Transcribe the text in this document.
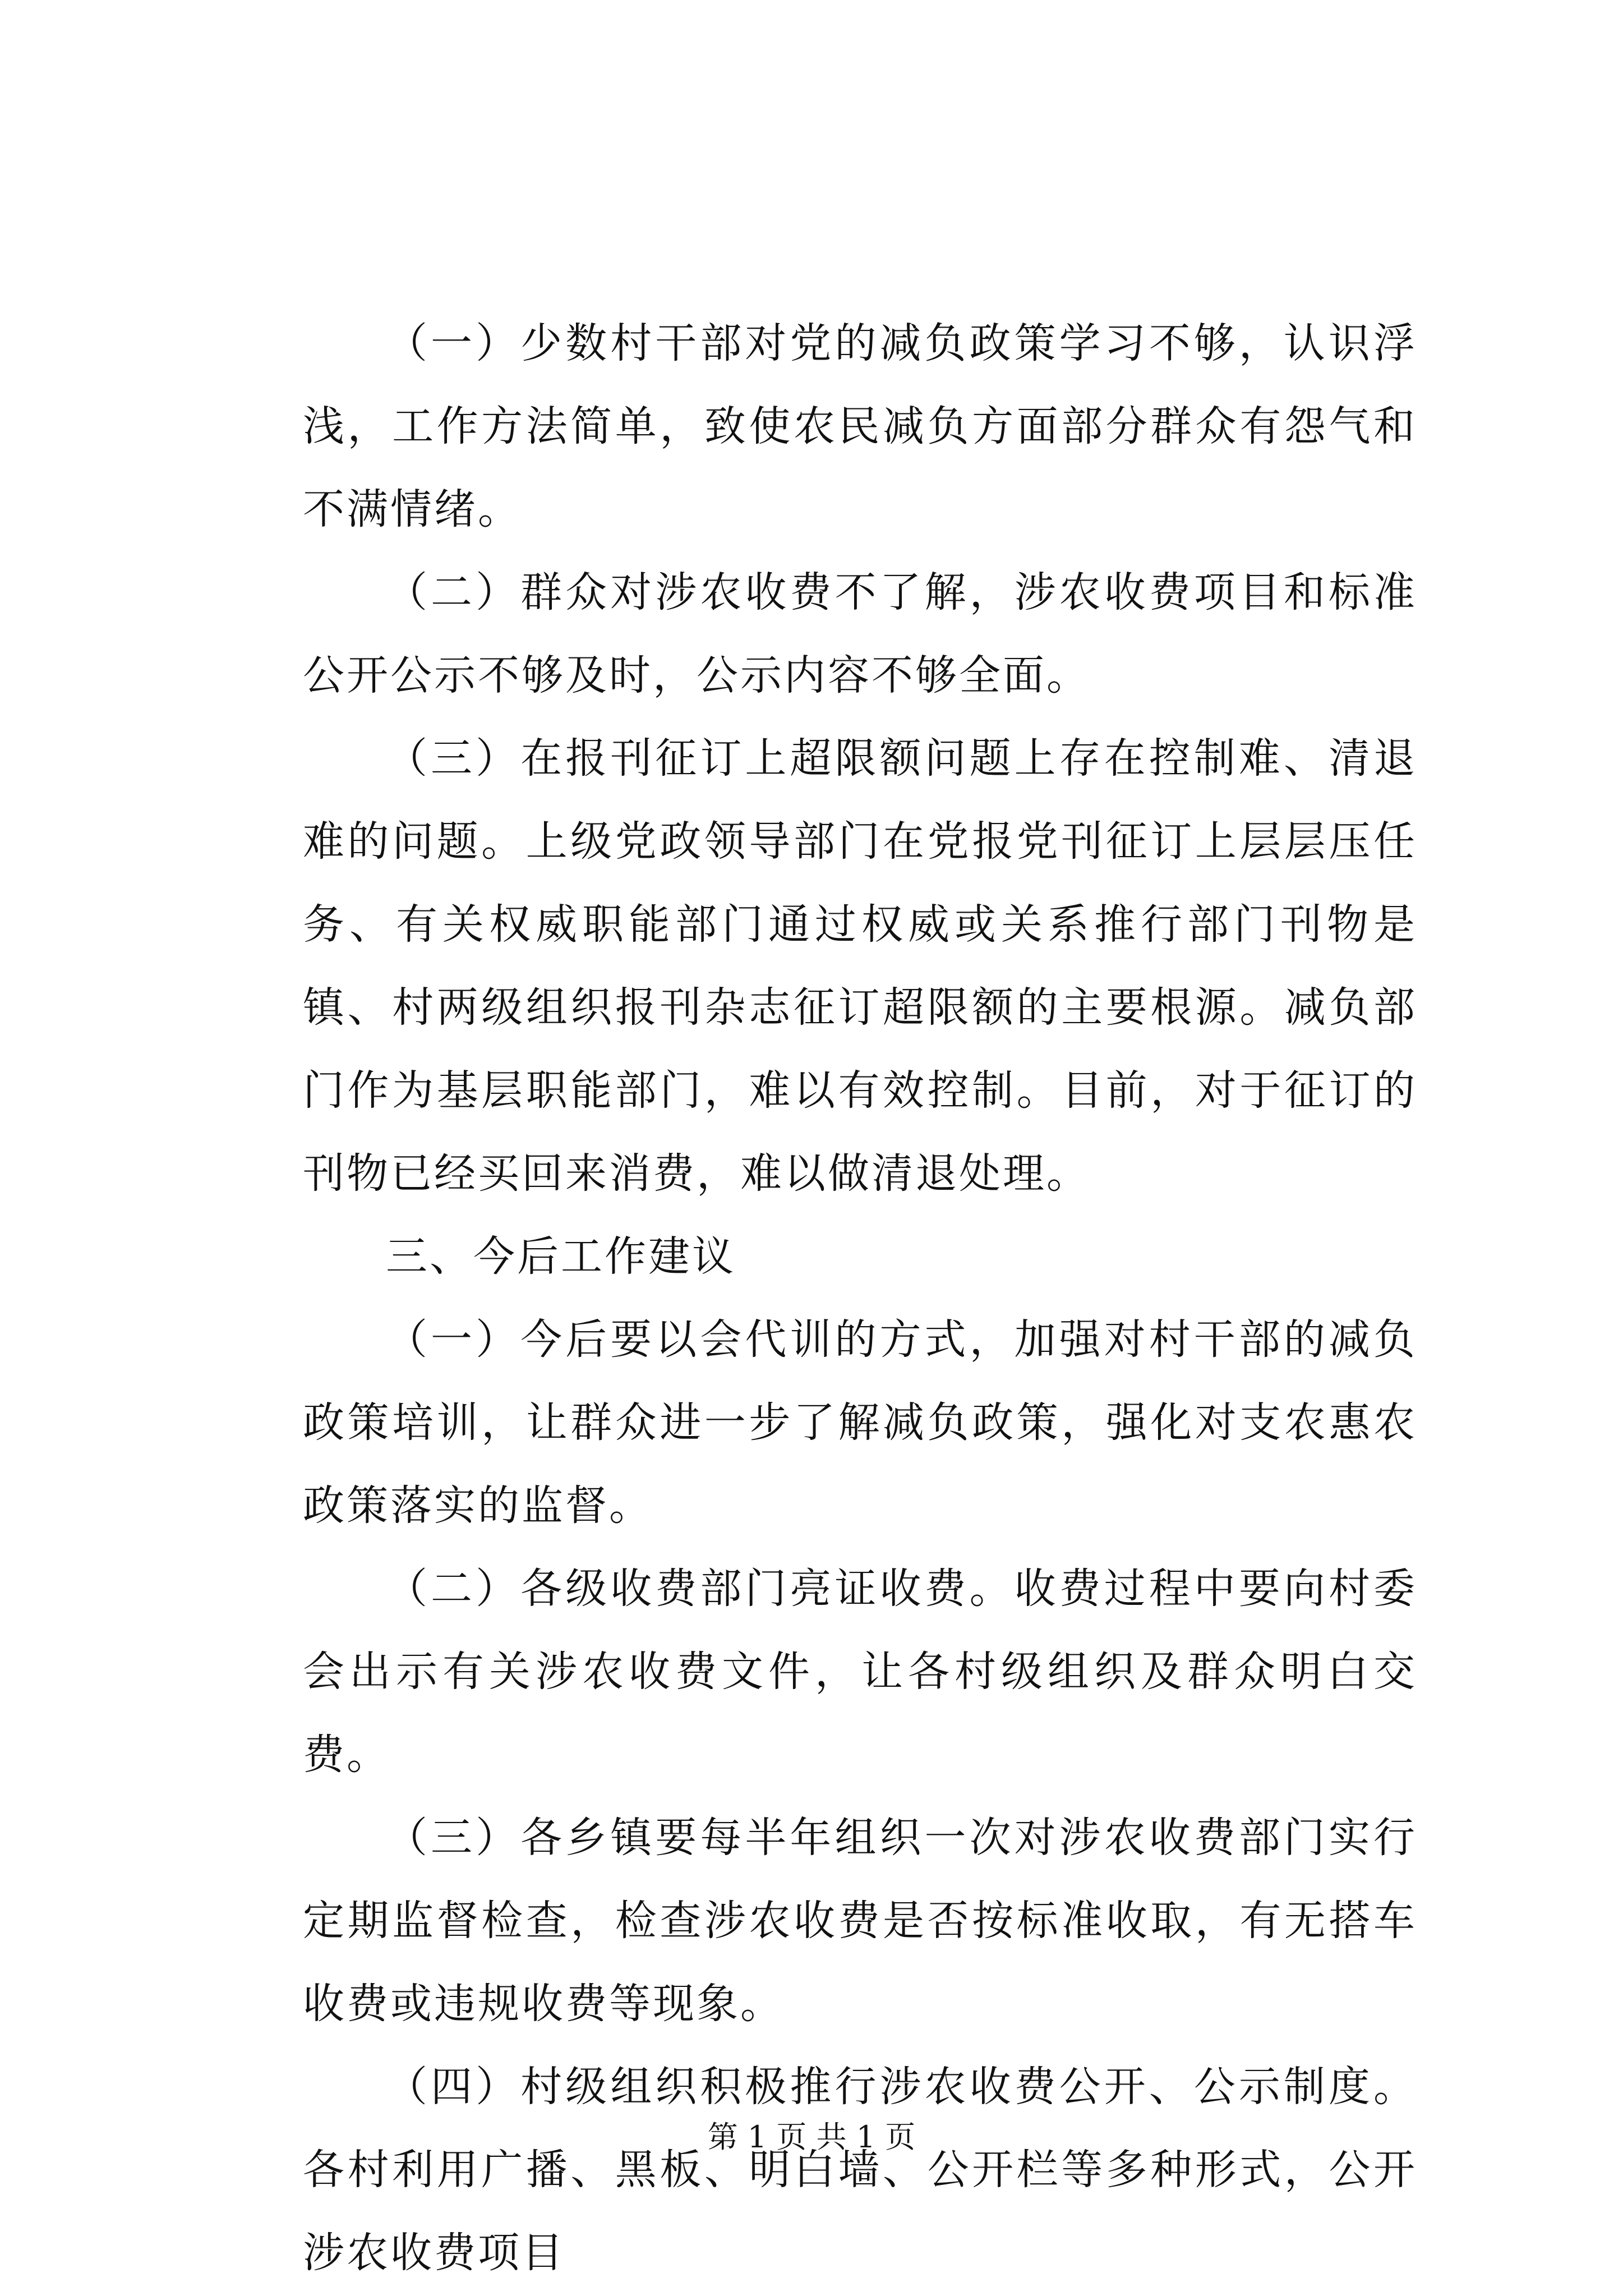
（一）少数村干部对党的减负政策学习不够，认识浮浅，工作方法简单，致使农民减负方面部分群众有怨气和不满情绪。

（二）群众对涉农收费不了解，涉农收费项目和标准公开公示不够及时，公示内容不够全面。

（三）在报刊征订上超限额问题上存在控制难、清退难的问题。上级党政领导部门在党报党刊征订上层层压任务、有关权威职能部门通过权威或关系推行部门刊物是镇、村两级组织报刊杂志征订超限额的主要根源。减负部门作为基层职能部门，难以有效控制。目前，对于征订的刊物已经买回来消费，难以做清退处理。

三、今后工作建议

（一）今后要以会代训的方式，加强对村干部的减负政策培训，让群众进一步了解减负政策，强化对支农惠农政策落实的监督。

（二）各级收费部门亮证收费。收费过程中要向村委会出示有关涉农收费文件，让各村级组织及群众明白交费。

（三）各乡镇要每半年组织一次对涉农收费部门实行定期监督检查，检查涉农收费是否按标准收取，有无搭车收费或违规收费等现象。

（四）村级组织积极推行涉农收费公开、公示制度。各村利用广播、黑板、明白墙、公开栏等多种形式，公开涉农收费项目

第 1 页 共 1 页
